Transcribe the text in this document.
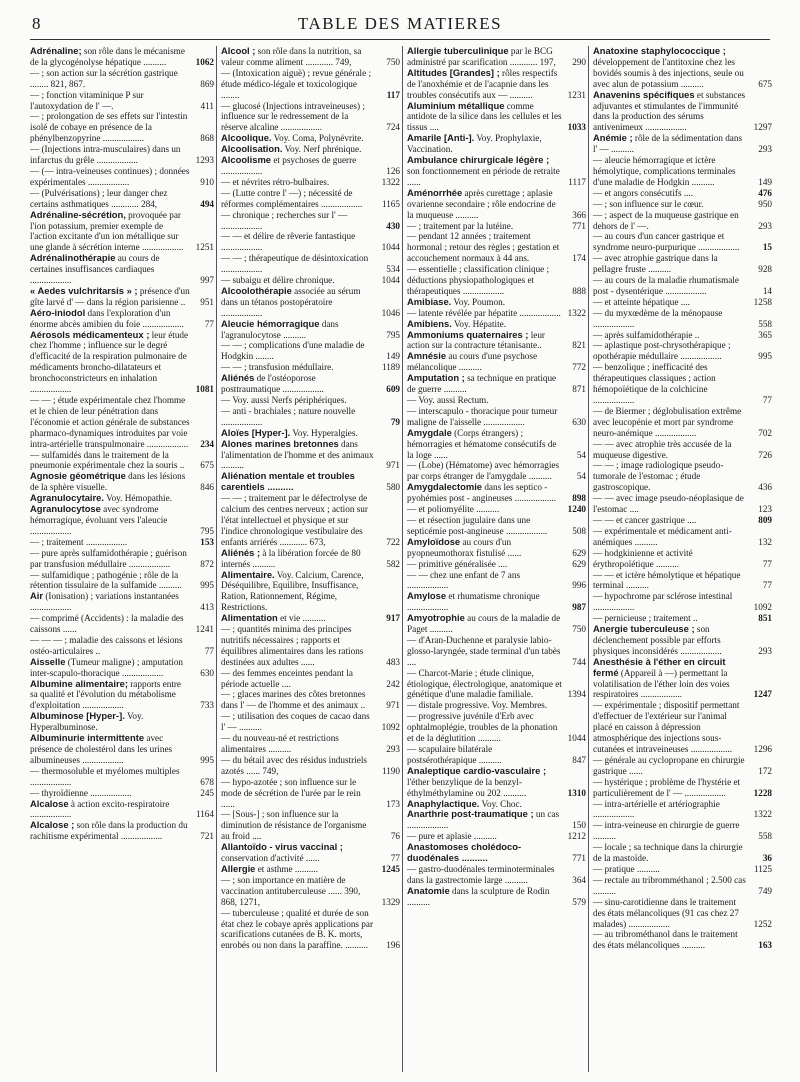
8	TABLE DES MATIERES
Adrénaline; son rôle dans le mécanisme de la glycogénolyse hépatique ..........	1062
— ; son action sur la sécrétion gastrique ........ 821, 867.	869
— ; fonction vitaminique P sur l'autoxydation de l' —.	411
— ; prolongation de ses effets sur l'intestin isolé de cobaye en présence de la phénylbenzopyrine ..................	868
— (Injections intra-musculaires) dans un infarctus du grêle ..................	1293
— (— intra-veineuses continues) ; données expérimentales ..................	910
— (Pulvérisations) ; leur danger chez certains asthmatiques ............ 284,	494
Adrénaline-sécrétion, provoquée par l'ion potassium, premier exemple de l'action excitante d'un ion métallique sur une glande à sécrétion interne ..................	1251
Adrénalinothérapie au cours de certaines insuffisances cardiaques ..................	997
« Aedes vulchritarsis » ; présence d'un gîte larvé d' — dans la région parisienne ..	951
Aéro-iniodol dans l'exploration d'un énorme abcès amibien du foie ..................	77
Aérosols médicamenteux ; leur étude chez l'homme ; influence sur le degré d'efficacité de la respiration pulmonaire de médicaments broncho-dilatateurs et bronchoconstricteurs en inhalation ..................	1081
— — ; étude expérimentale chez l'homme et le chien de leur pénétration dans l'économie et action générale de substances pharmaco-dynamiques introduites par voie intra-artérielle transpulmonaire ..................	234
— sulfamidés dans le traitement de la pneumonie expérimentale chez la souris ..	675
Agnosie géométrique dans les lésions de la sphère visuelle.	846
Agranulocytaire. Voy. Hémopathie.
Agranulocytose avec syndrome hémorragique, évoluant vers l'aleucie ..................	795
— ; traitement ..................	153
— pure après sulfamidothérapie ; guérison par transfusion médullaire ..................	872
— sulfamidique ; pathogénie ; rôle de la rétention tissulaire de la sulfamide ..........	995
Air (Ionisation) ; variations instantanées ..................	413
— comprimé (Accidents) : la maladie des caissons ......	1241
— — — ; maladie des caissons et lésions ostéo-articulaires ..	77
Aisselle (Tumeur maligne) ; amputation inter-scapulo-thoracique ..................	630
Albumine alimentaire; rapports entre sa qualité et l'évolution du métabolisme d'exploitation ..................	733
Albuminose [Hyper-]. Voy. Hyperalbuminose.
Albuminurie intermittente avec présence de cholestérol dans les urines albumineuses ..................	995
— thermosoluble et myélomes multiples ..................	678
— thyroïdienne ..................	245
Alcalose à action excito-respiratoire ..................	1164
Alcalose ; son rôle dans la production du rachitisme expérimental ..................	721
Alcool ; son rôle dans la nutrition, sa valeur comme aliment ............ 749,	750
— (Intoxication aiguë) ; revue générale ; étude médico-légale et toxicologique ........	117
— glucosé (Injections intraveineuses) ; influence sur le redressement de la réserve alcaline ..................	724
Alcoolique. Voy. Coma, Polynévrite.
Alcoolisation. Voy. Nerf phrénique.
Alcoolisme et psychoses de guerre ..................	126
— et névrites rétro-bulbaires.	1322
— (Lutte contre l' —) ; nécessité de réformes complémentaires ..................	1165
— chronique ; recherches sur l' — ..................	430
— — et délire de rêverie fantastique ..................	1044
— — ; thérapeutique de désintoxication ..................	534
— subaigu et délire chronique.	1044
Alcoolothérapie associée au sérum dans un tétanos postopératoire ..................	1046
Aleucie hémorragique dans l'agranulocytose ..........	795
— — ; complications d'une maladie de Hodgkin ........	149
— — ; transfusion médullaire.	1189
Aliénés de l'ostéoporose posttraumatique ..................	609
— Voy. aussi Nerfs périphériques.
— anti - brachiales ; nature nouvelle ..................	79
Aloïes [Hyper-]. Voy. Hyperalgies.
Alones marines bretonnes dans l'alimentation de l'homme et des animaux ..........	971
Aliénation mentale et troubles carentiels ..........	580
— — ; traitement par le défectrolyse de calcium des centres nerveux ; action sur l'état intellectuel et physique et sur l'indice chronologique vestibulaire des enfants arriérés ............ 673,	722
Aliénés ; à la libération forcée de 80 internés ..........	582
Alimentaire. Voy. Calcium, Carence, Déséquilibre, Equilibre, Insuffisance, Ration, Rationnement, Régime, Restrictions.
Alimentation et vie ..........	917
— ; quantités minima des principes nutritifs nécessaires ; rapports et équilibres alimentaires dans les rations destinées aux adultes ......	483
— des femmes enceintes pendant la période actuelle ....	242
— ; glaces marines des côtes bretonnes dans l' — de l'homme et des animaux ..	971
— ; utilisation des coques de cacao dans l' — ..........	1092
— du nouveau-né et restrictions alimentaires ..........	293
— du bétail avec des résidus industriels azotés ...... 749,	1190
— hypo-azotée ; son influence sur le mode de sécrétion de l'urée par le rein ......	173
— [Sous-] ; son influence sur la diminution de résistance de l'organisme au froid ....	76
Allantoïdo - virus vaccinal ; conservation d'activité ......	77
Allergie et asthme ..........	1245
— ; son importance en matière de vaccination antituberculeuse ...... 390, 868, 1271,	1329
— tuberculeuse ; qualité et durée de son état chez le cobaye après applications par scarifications cutanées de B. K. morts, enrobés ou non dans la paraffine. ..........	196
Allergie tuberculinique par le BCG administré par scarification ............ 197,	290
Altitudes [Grandes] ; rôles respectifs de l'anoxhémie et de l'acapnie dans les troubles consécutifs aux — ..........	1231
Aluminium métallique comme antidote de la silice dans les cellules et les tissus ....	1033
Amarile [Anti-]. Voy. Prophylaxie, Vaccination.
Ambulance chirurgicale légère ; son fonctionnement en période de retraite ......	1117
Aménorrhée après curettage ; aplasie ovarienne secondaire ; rôle endocrine de la muqueuse ..........	366
— ; traitement par la lutéine.	771
— pendant 12 années ; traitement hormonal ; retour des règles ; gestation et accouchement normaux à 44 ans.	174
— essentielle ; classification clinique ; déductions physiopathologiques et thérapeutiques ..................	888
Amibiase. Voy. Poumon.
— latente révélée par hépatite .................. 1322
Amibiens. Voy. Hépatite.
Ammoniums quaternaires ; leur action sur la contracture tétanisante..	821
Amnésie au cours d'une psychose mélancolique ..........	772
Amputation ; sa technique en pratique de guerre ..........	871
— Voy. aussi Rectum.
— interscapulo - thoracique pour tumeur maligne de l'aisselle ..................	630
Amygdale (Corps étrangers) ; hémorragies et hématome consécutifs de la loge ......	54
— (Lobe) (Hématome) avec hémorragies par corps étranger de l'amygdale ..........	54
Amygdalectomie dans les septico - pyohémies post - angineuses ..................	898
— et poliomyélite ..........	1240
— et résection jugulaire dans une septicémie post-angineuse ..................	508
Amyloïdose au cours d'un pyopneumothorax fistulisé ......	629
— primitive généralisée ....	629
— — chez une enfant de 7 ans ..................	996
Amylose et rhumatisme chronique ..................	987
Amyotrophie au cours de la maladie de Paget ..........	750
— d'Aran-Duchenne et paralysie labio-glosso-laryngée, stade terminal d'un tabès ....	744
— Charcot-Marie ; étude clinique, étiologique, électrologique, anatomique et génétique d'une maladie familiale.	1394
— distale progressive. Voy. Membres.
— progressive juvénile d'Erb avec ophtalmoplégie, troubles de la phonation et de la déglutition ..........	1044
— scapulaire bilatérale postsérothérapique ..........	847
Analeptique cardio-vasculaire ; l'éther benzylique de la benzyl-éthylméthylamine ou 202 ..........	1310
Anaphylactique. Voy. Choc.
Anarthrie post-traumatique ; un cas ..................	150
— pure et aplasie ..........	1212
Anastomoses cholédoco-duodénales ..........	771
— gastro-duodénales terminoterminales dans la gastrectomie large ..........	364
Anatomie dans la sculpture de Rodin ..........	579
Anatoxine staphylococcique ; développement de l'antitoxine chez les bovidés soumis à des injections, seule ou avec alun de potassium ..........	675
Anavenins spécifiques et substances adjuvantes et stimulantes de l'immunité dans la production des sérums antivenimeux ..................	1297
Anémie ; rôle de la sédimentation dans l' — ..........	293
— aleucie hémorragique et ictère hémolytique, complications terminales d'une maladie de Hodgkin ..........	149
— et angors consécutifs ....	476
— ; son influence sur le cœur.	950
— ; aspect de la muqueuse gastrique en dehors de l' —.	293
— au cours d'un cancer gastrique et syndrome neuro-purpurique ..................	15
— avec atrophie gastrique dans la pellagre fruste ..........	928
— au cours de la maladie rhumatismale post - dysentérique ..................	14
— et atteinte hépatique ....	1258
— du myxœdème de la ménopause ..................	558
— après sulfamidothérapie ..	365
— aplastique post-chrysothérapique ; opothérapie médullaire ..................	995
— benzolique ; inefficacité des thérapeutiques classiques ; action hémopoïétique de la colchicine ..................	77
— de Biermer ; déglobulisation extrême avec leucopénie et mort par syndrome neuro-anémique ..................	702
— — avec atrophie très accusée de la muqueuse digestive.	726
— — ; image radiologique pseudo-tumorale de l'estomac ; étude gastroscopique.	436
— — avec image pseudo-néoplasique de l'estomac ....	123
— — et cancer gastrique ....	809
— expérimentale et médicament anti-anémiques ..........	132
— hodgkinienne et activité érythropoïétique ..........	77
— — et ictère hémolytique et hépatique terminal ..........	77
— hypochrome par sclérose intestinal ..................	1092
— pernicieuse ; traitement ..	851
Anergie tuberculeuse ; son déclenchement possible par efforts physiques inconsidérés ..................	293
Anesthésie à l'éther en circuit fermé (Appareil à —) permettant la volatilisation de l'éther loin des voies respiratoires ..................	1247
— expérimentale ; dispositif permettant d'effectuer de l'extérieur sur l'animal placé en caisson à dépression atmosphérique des injections sous-cutanées et intraveineuses ..................	1296
— générale au cyclopropane en chirurgie gastrique ......	172
— hystérique ; problème de l'hystérie et particulièrement de l' — ..................	1228
— intra-artérielle et artériographie ..................	1322
— intra-veineuse en chirurgie de guerre ..........	558
— locale ; sa technique dans la chirurgie de la mastoïde.	36
— pratique ..........	1125
— rectale au tribromméthanol ; 2.500 cas ..........	749
— sinu-carotidienne dans le traitement des états mélancoliques (91 cas chez 27 malades) ..................	1252
— au tribrométhanol dans le traitement des états mélancoliques ..........	163
